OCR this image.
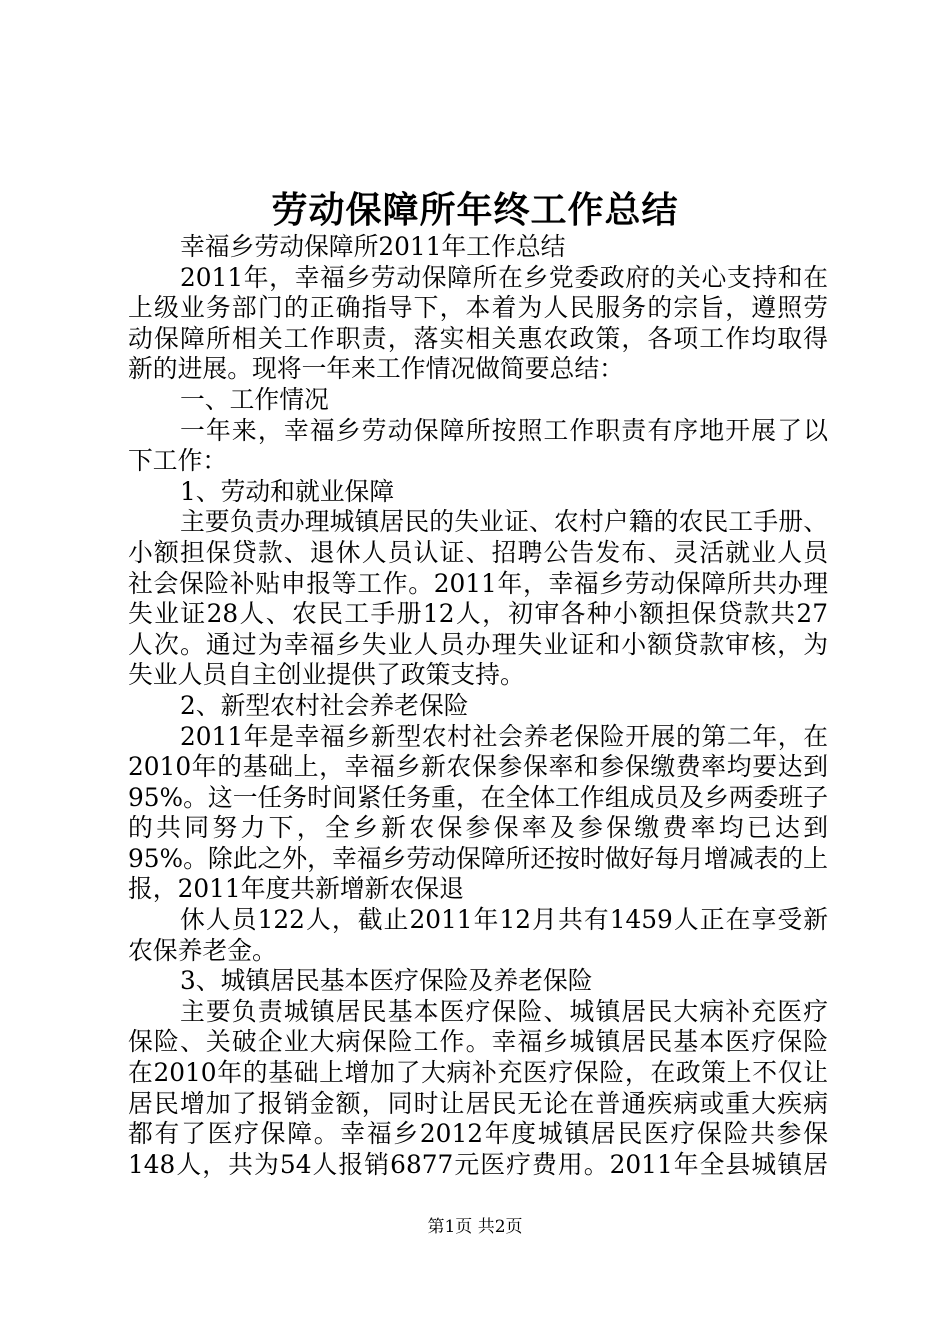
劳动保障所年终工作总结
幸福乡劳动保障所2011年工作总结
2011年，幸福乡劳动保障所在乡党委政府的关心支持和在
上级业务部门的正确指导下，本着为人民服务的宗旨，遵照劳
动保障所相关工作职责，落实相关惠农政策，各项工作均取得
新的进展。现将一年来工作情况做简要总结：
一、工作情况
一年来，幸福乡劳动保障所按照工作职责有序地开展了以
下工作：
1、劳动和就业保障
主要负责办理城镇居民的失业证、农村户籍的农民工手册、
小额担保贷款、退休人员认证、招聘公告发布、灵活就业人员
社会保险补贴申报等工作。2011年，幸福乡劳动保障所共办理
失业证28人、农民工手册12人，初审各种小额担保贷款共27
人次。通过为幸福乡失业人员办理失业证和小额贷款审核，为
失业人员自主创业提供了政策支持。
2、新型农村社会养老保险
2011年是幸福乡新型农村社会养老保险开展的第二年，在
2010年的基础上，幸福乡新农保参保率和参保缴费率均要达到
95%。这一任务时间紧任务重，在全体工作组成员及乡两委班子
的共同努力下，全乡新农保参保率及参保缴费率均已达到
95%。除此之外，幸福乡劳动保障所还按时做好每月增减表的上
报，2011年度共新增新农保退
休人员122人，截止2011年12月共有1459人正在享受新
农保养老金。
3、城镇居民基本医疗保险及养老保险
主要负责城镇居民基本医疗保险、城镇居民大病补充医疗
保险、关破企业大病保险工作。幸福乡城镇居民基本医疗保险
在2010年的基础上增加了大病补充医疗保险，在政策上不仅让
居民增加了报销金额，同时让居民无论在普通疾病或重大疾病
都有了医疗保障。幸福乡2012年度城镇居民医疗保险共参保
148人，共为54人报销6877元医疗费用。2011年全县城镇居
第1页 共2页
